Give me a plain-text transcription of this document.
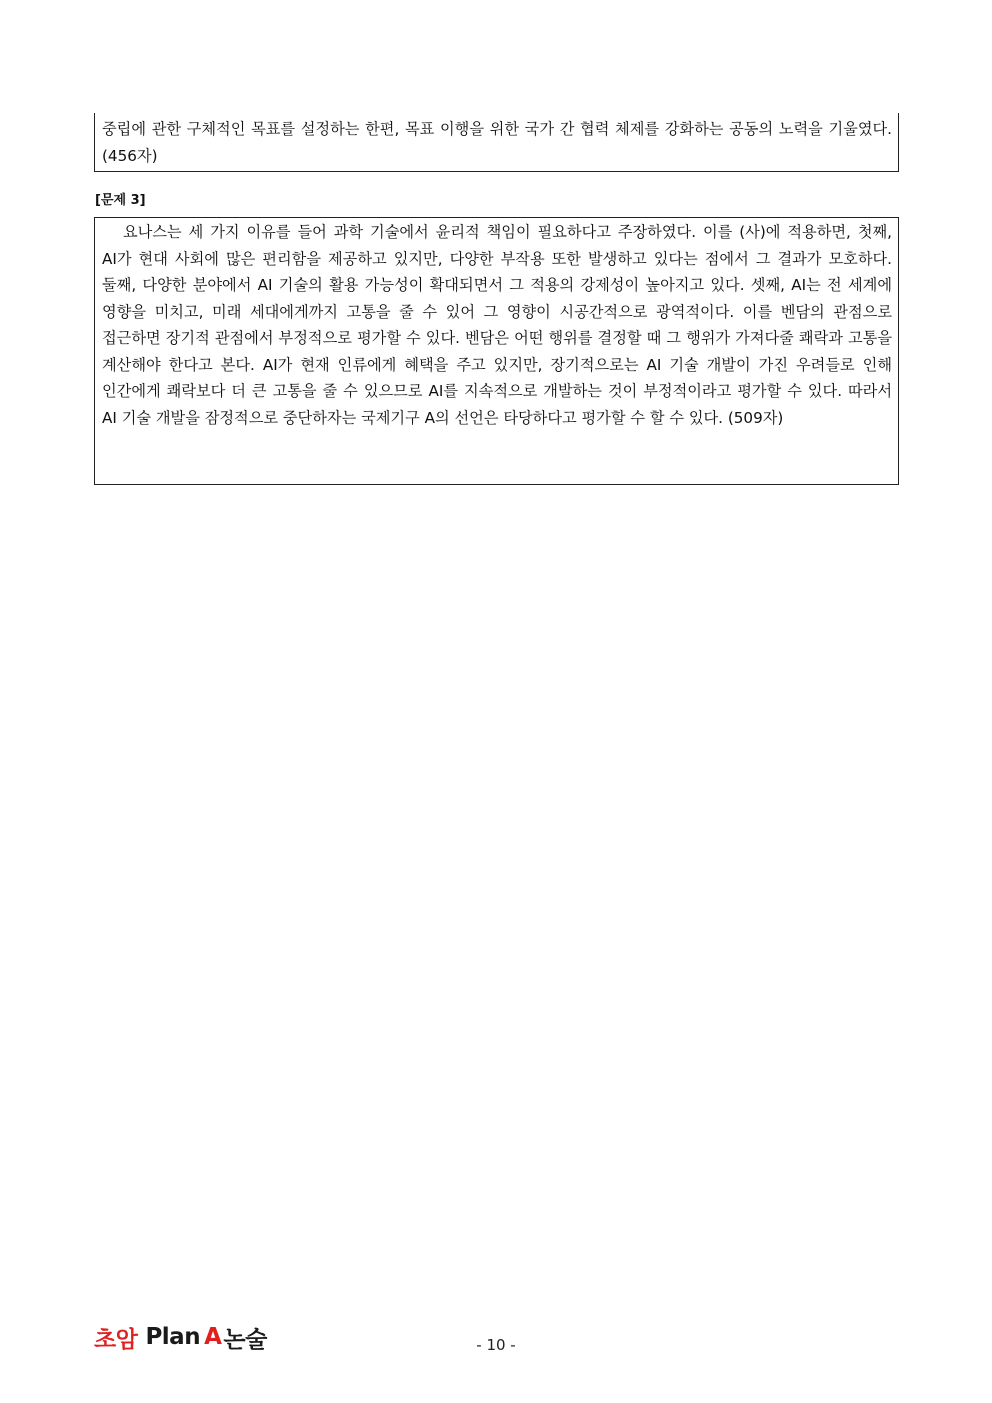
중립에 관한 구체적인 목표를 설정하는 한편, 목표 이행을 위한 국가 간 협력 체제를 강화하는 공동의 노력을 기울였다. (456자)

[문제 3]

요나스는 세 가지 이유를 들어 과학 기술에서 윤리적 책임이 필요하다고 주장하였다. 이를 (사)에 적용하면, 첫째, AI가 현대 사회에 많은 편리함을 제공하고 있지만, 다양한 부작용 또한 발생하고 있다는 점에서 그 결과가 모호하다. 둘째, 다양한 분야에서 AI 기술의 활용 가능성이 확대되면서 그 적용의 강제성이 높아지고 있다. 셋째, AI는 전 세계에 영향을 미치고, 미래 세대에게까지 고통을 줄 수 있어 그 영향이 시공간적으로 광역적이다. 이를 벤담의 관점으로 접근하면 장기적 관점에서 부정적으로 평가할 수 있다. 벤담은 어떤 행위를 결정할 때 그 행위가 가져다줄 쾌락과 고통을 계산해야 한다고 본다. AI가 현재 인류에게 혜택을 주고 있지만, 장기적으로는 AI 기술 개발이 가진 우려들로 인해 인간에게 쾌락보다 더 큰 고통을 줄 수 있으므로 AI를 지속적으로 개발하는 것이 부정적이라고 평가할 수 있다. 따라서 AI 기술 개발을 잠정적으로 중단하자는 국제기구 A의 선언은 타당하다고 평가할 수 할 수 있다. (509자)

초암 Plan A 논술	- 10 -
